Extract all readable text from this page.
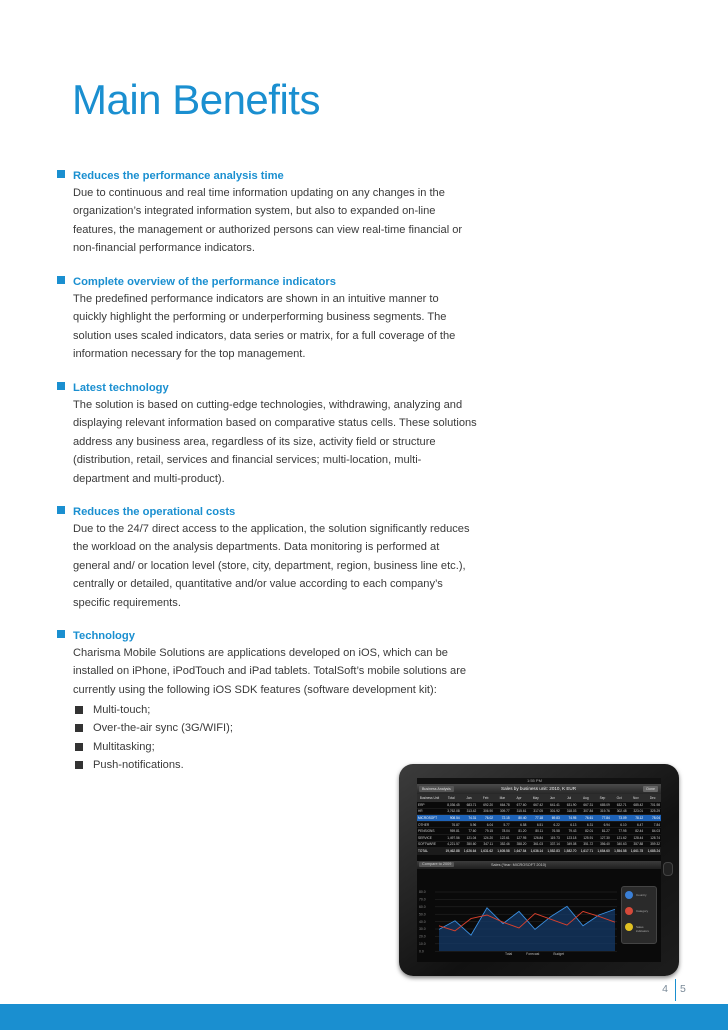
Main Benefits
Reduces the performance analysis time
Due to continuous and real time information updating on any changes in the
organization’s integrated information system, but also to expanded on-line
features, the management or authorized persons can view real-time financial or
non-financial performance indicators.
Complete overview of the performance indicators
The predefined performance indicators are shown in an intuitive manner to
quickly highlight the performing or underperforming business segments. The
solution uses scaled indicators, data series or matrix, for a full coverage of the
information necessary for the top management.
Latest technology
The solution is based on cutting-edge technologies, withdrawing, analyzing and
displaying relevant information based on comparative status cells. These solutions
address any business area, regardless of its size, activity field or structure
(distribution, retail, services and financial services; multi-location, multi-
department and multi-product).
Reduces the operational costs
Due to the 24/7 direct access to the application, the solution significantly reduces
the workload on the analysis departments. Data monitoring is performed at
general and/ or location level (store, city, department, region, business line etc.),
centrally or detailed, quantitative and/or value according to each company’s
specific requirements.
Technology
Charisma Mobile Solutions are applications developed on iOS, which can be
installed on iPhone, iPodTouch and iPad tablets. TotalSoft’s mobile solutions are
currently using the following iOS SDK features (software development kit):
Multi-touch;
Over-the-air sync (3G/WIFI);
Multitasking;
Push-notifications.
1:55 PM
Business Analysis	Sales by business unit: 2010, K EUR	Done
Business Unit	Total	Jan	Feb	Mar	Apr	May	Jun	Jul	Aug	Sep	Oct	Nov	Dec
ERP	8,036.45	683.71	692.20	664.78	677.60	667.42	641.41	631.90	667.31	685.09	632.71	685.42	701.98
HR	3,762.08	313.42	306.90	309.77	315.61	317.05	301.92	318.03	307.84	319.76	302.48	323.01	325.29
MICROSOFT	908.54	74.31	76.02	72.15	80.40	77.18	69.83	74.95	76.61	77.84	73.09	78.12	78.04
OTHER	76.87	5.96	6.04	5.77	6.58	6.51	6.22	6.13	6.31	6.94	6.10	6.47	7.84
PENSIONS	959.81	77.60	79.15	78.04	81.20	80.11	76.58	79.43	82.01	81.27	77.95	82.44	84.03
SERVICE	1,497.56	121.04	124.20	122.61	127.95	126.84	119.73	123.18	125.91	127.30	121.62	128.44	128.74
SOFTWARE	4,221.57	350.60	347.11	352.46	358.20	361.03	337.14	349.08	351.72	356.40	340.63	357.88	359.32
TOTAL	19,462.88	1,626.64	1,631.62	1,605.58	1,647.54	1,636.14	1,552.83	1,582.70	1,617.71	1,654.60	1,554.58	1,661.78	1,685.24
Compare to 2009	Sales (Year: MICROSOFT 2010)
80.0
70.0
60.0
50.0
40.0
30.0
20.0
10.0
0.0
Total	Forecast	Budget
Country
Category
Sales indicators
4 5
